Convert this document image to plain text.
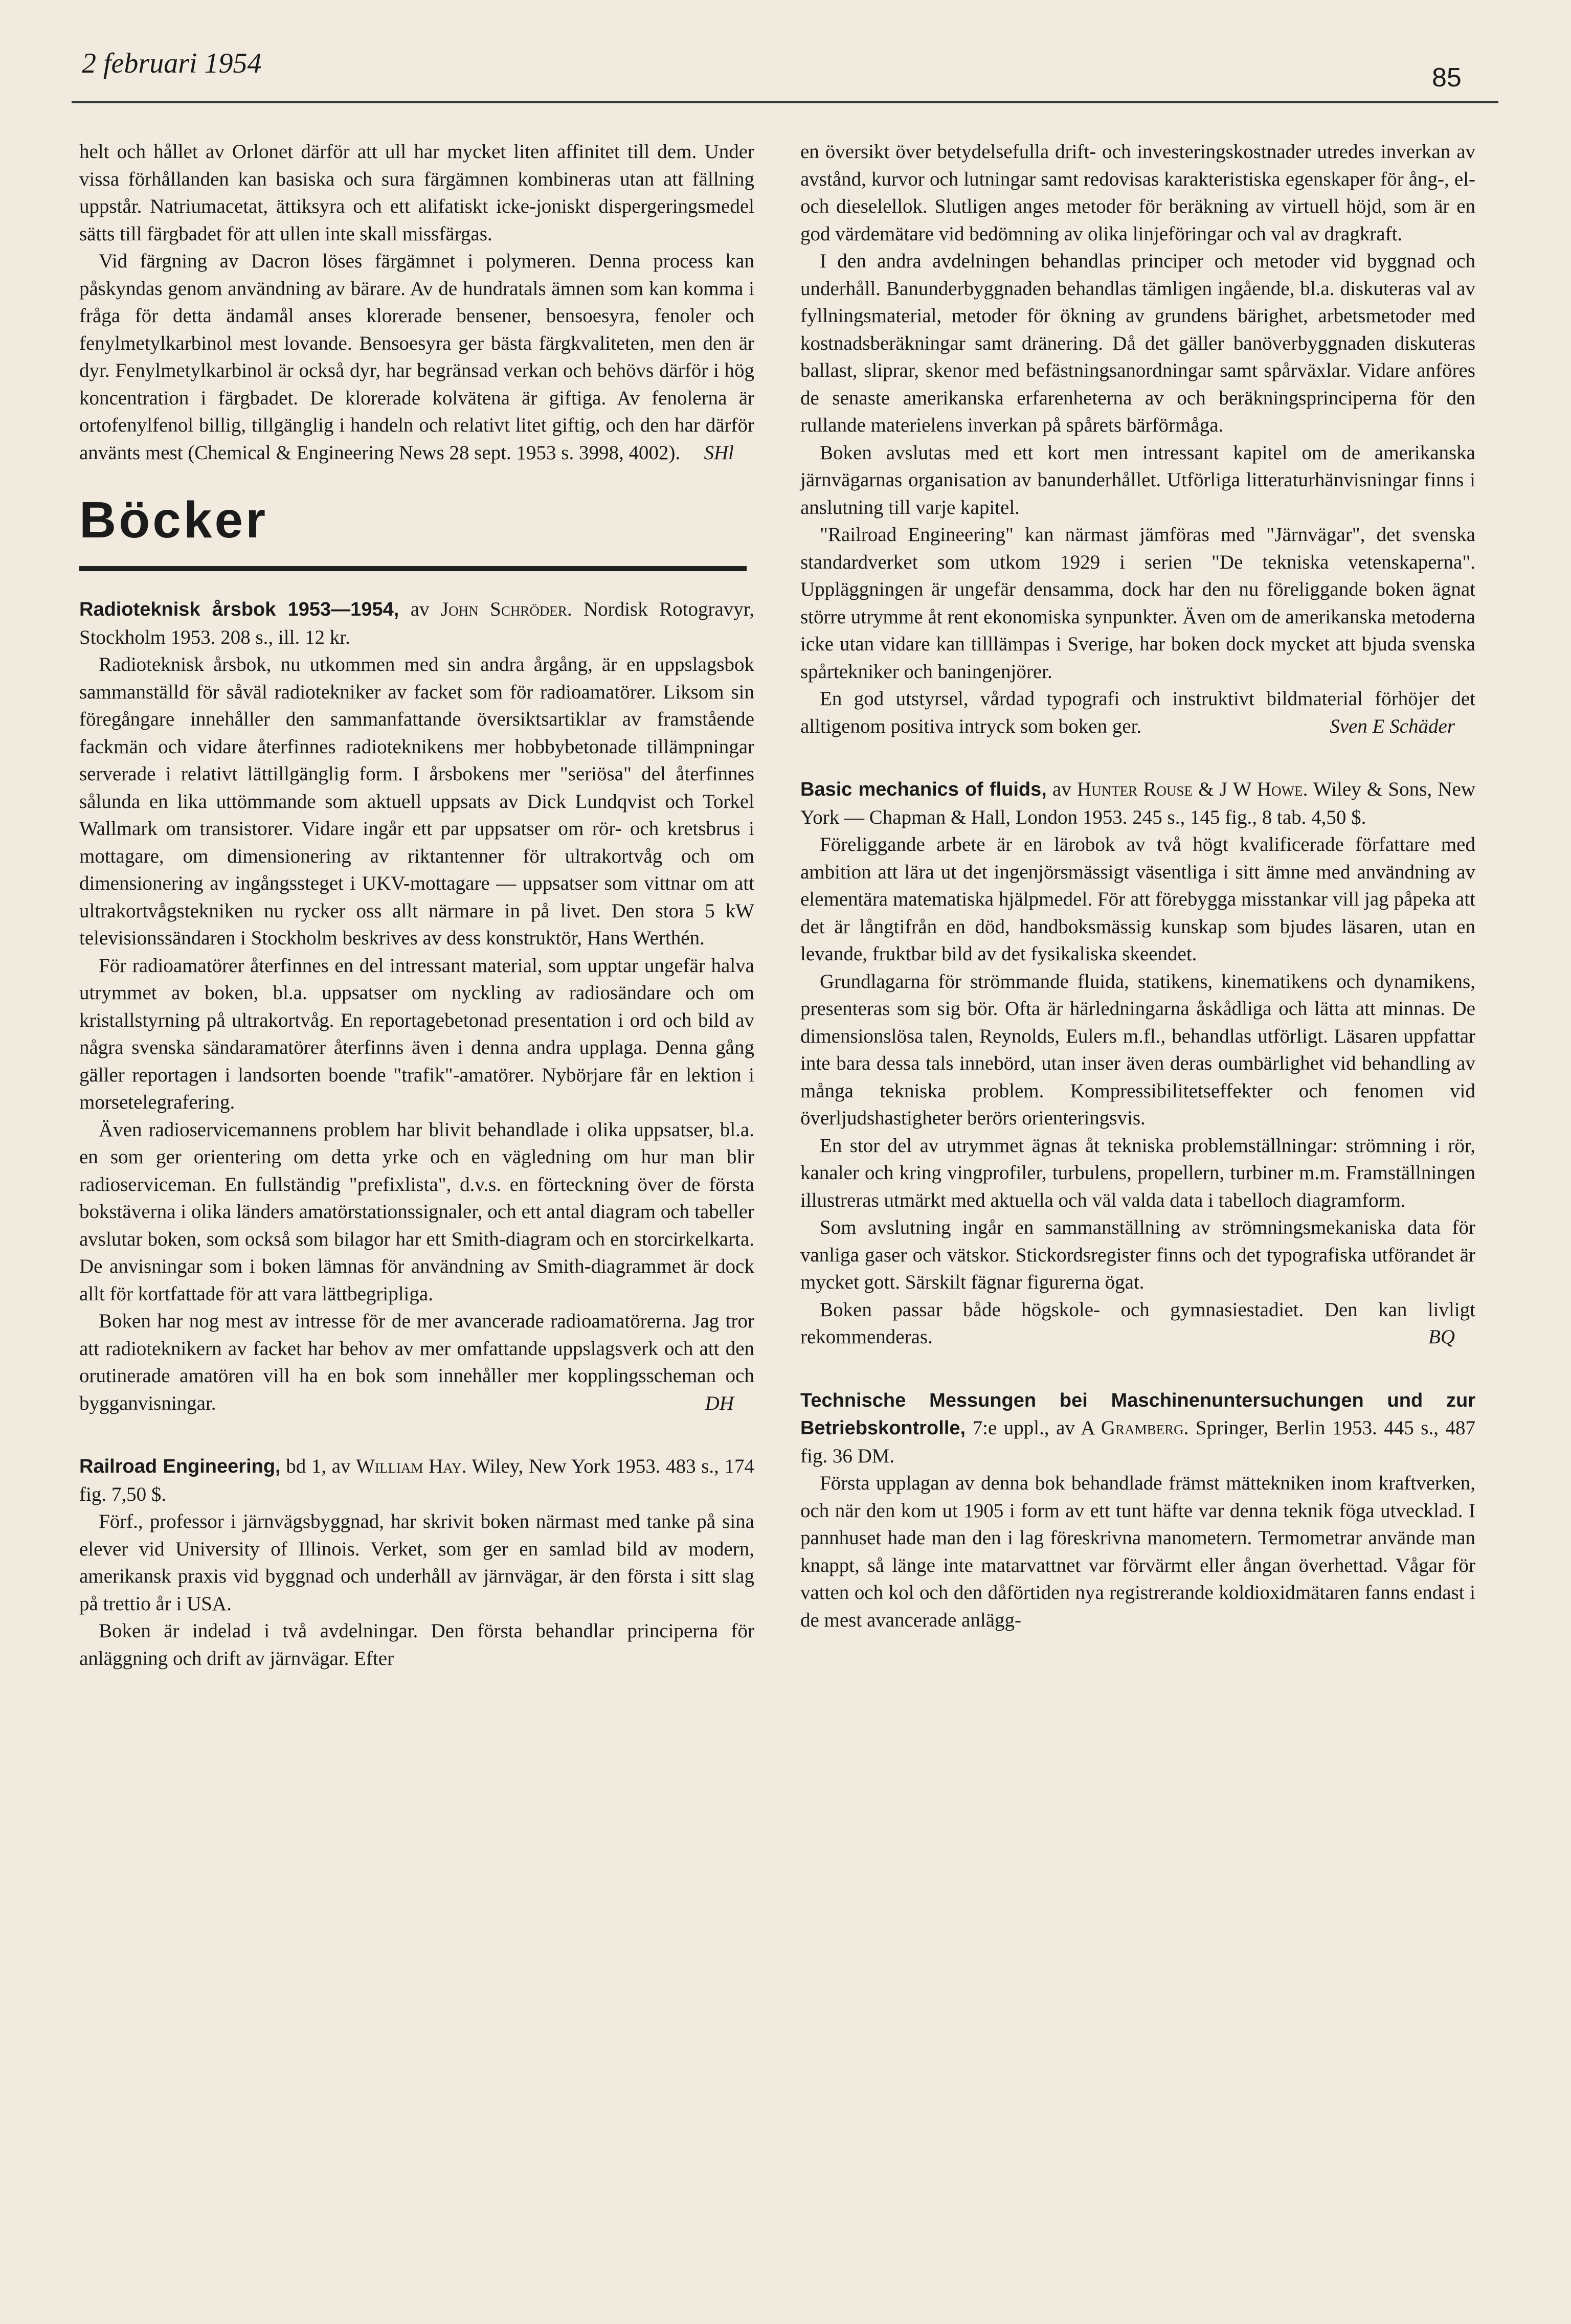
2 februari 1954	85

helt och hållet av Orlonet därför att ull har mycket liten affinitet till dem. Under vissa förhållanden kan basiska och sura färgämnen kombineras utan att fällning uppstår. Natriumacetat, ättiksyra och ett alifatiskt icke-joniskt dispergeringsmedel sätts till färgbadet för att ullen inte skall missfärgas.

Vid färgning av Dacron löses färgämnet i polymeren. Denna process kan påskyndas genom användning av bärare. Av de hundratals ämnen som kan komma i fråga för detta ändamål anses klorerade bensener, bensoesyra, fenoler och fenylmetylkarbinol mest lovande. Bensoesyra ger bästa färgkvaliteten, men den är dyr. Fenylmetylkarbinol är också dyr, har begränsad verkan och behövs därför i hög koncentration i färgbadet. De klorerade kolvätena är giftiga. Av fenolerna är ortofenylfenol billig, tillgänglig i handeln och relativt litet giftig, och den har därför använts mest (Chemical & Engineering News 28 sept. 1953 s. 3998, 4002).	SHl

Böcker

Radioteknisk årsbok 1953—1954, av John Schröder. Nordisk Rotogravyr, Stockholm 1953. 208 s., ill. 12 kr.

Radioteknisk årsbok, nu utkommen med sin andra årgång, är en uppslagsbok sammanställd för såväl radiotekniker av facket som för radioamatörer. Liksom sin föregångare innehåller den sammanfattande översiktsartiklar av framstående fackmän och vidare återfinnes radioteknikens mer hobbybetonade tillämpningar serverade i relativt lättillgänglig form. I årsbokens mer "seriösa" del återfinnes sålunda en lika uttömmande som aktuell uppsats av Dick Lundqvist och Torkel Wallmark om transistorer. Vidare ingår ett par uppsatser om rör- och kretsbrus i mottagare, om dimensionering av riktantenner för ultrakortvåg och om dimensionering av ingångssteget i UKV-mottagare — uppsatser som vittnar om att ultrakortvågstekniken nu rycker oss allt närmare in på livet. Den stora 5 kW televisionssändaren i Stockholm beskrives av dess konstruktör, Hans Werthén.

För radioamatörer återfinnes en del intressant material, som upptar ungefär halva utrymmet av boken, bl.a. uppsatser om nyckling av radiosändare och om kristallstyrning på ultrakortvåg. En reportagebetonad presentation i ord och bild av några svenska sändaramatörer återfinns även i denna andra upplaga. Denna gång gäller reportagen i landsorten boende "trafik"-amatörer. Nybörjare får en lektion i morsetelegrafering.

Även radioservicemannens problem har blivit behandlade i olika uppsatser, bl.a. en som ger orientering om detta yrke och en vägledning om hur man blir radioserviceman. En fullständig "prefixlista", d.v.s. en förteckning över de första bokstäverna i olika länders amatörstationssignaler, och ett antal diagram och tabeller avslutar boken, som också som bilagor har ett Smith-diagram och en storcirkelkarta. De anvisningar som i boken lämnas för användning av Smith-diagrammet är dock allt för kortfattade för att vara lättbegripliga.

Boken har nog mest av intresse för de mer avancerade radioamatörerna. Jag tror att radioteknikern av facket har behov av mer omfattande uppslagsverk och att den orutinerade amatören vill ha en bok som innehåller mer kopplingsscheman och bygganvisningar.	DH

Railroad Engineering, bd 1, av William Hay. Wiley, New York 1953. 483 s., 174 fig. 7,50 $.

Förf., professor i järnvägsbyggnad, har skrivit boken närmast med tanke på sina elever vid University of Illinois. Verket, som ger en samlad bild av modern, amerikansk praxis vid byggnad och underhåll av järnvägar, är den första i sitt slag på trettio år i USA.

Boken är indelad i två avdelningar. Den första behandlar principerna för anläggning och drift av järnvägar. Efter

en översikt över betydelsefulla drift- och investeringskostnader utredes inverkan av avstånd, kurvor och lutningar samt redovisas karakteristiska egenskaper för ång-, el- och dieselellok. Slutligen anges metoder för beräkning av virtuell höjd, som är en god värdemätare vid bedömning av olika linjeföringar och val av dragkraft.

I den andra avdelningen behandlas principer och metoder vid byggnad och underhåll. Banunderbyggnaden behandlas tämligen ingående, bl.a. diskuteras val av fyllningsmaterial, metoder för ökning av grundens bärighet, arbetsmetoder med kostnadsberäkningar samt dränering. Då det gäller banöverbyggnaden diskuteras ballast, sliprar, skenor med befästningsanordningar samt spårväxlar. Vidare anföres de senaste amerikanska erfarenheterna av och beräkningsprinciperna för den rullande materielens inverkan på spårets bärförmåga.

Boken avslutas med ett kort men intressant kapitel om de amerikanska järnvägarnas organisation av banunderhållet. Utförliga litteraturhänvisningar finns i anslutning till varje kapitel.

"Railroad Engineering" kan närmast jämföras med "Järnvägar", det svenska standardverket som utkom 1929 i serien "De tekniska vetenskaperna". Uppläggningen är ungefär densamma, dock har den nu föreliggande boken ägnat större utrymme åt rent ekonomiska synpunkter. Även om de amerikanska metoderna icke utan vidare kan tilllämpas i Sverige, har boken dock mycket att bjuda svenska spårtekniker och baningenjörer.

En god utstyrsel, vårdad typografi och instruktivt bildmaterial förhöjer det alltigenom positiva intryck som boken ger.	Sven E Schäder

Basic mechanics of fluids, av Hunter Rouse & J W Howe. Wiley & Sons, New York — Chapman & Hall, London 1953. 245 s., 145 fig., 8 tab. 4,50 $.

Föreliggande arbete är en lärobok av två högt kvalificerade författare med ambition att lära ut det ingenjörsmässigt väsentliga i sitt ämne med användning av elementära matematiska hjälpmedel. För att förebygga misstankar vill jag påpeka att det är långtifrån en död, handboksmässig kunskap som bjudes läsaren, utan en levande, fruktbar bild av det fysikaliska skeendet.

Grundlagarna för strömmande fluida, statikens, kinematikens och dynamikens, presenteras som sig bör. Ofta är härledningarna åskådliga och lätta att minnas. De dimensionslösa talen, Reynolds, Eulers m.fl., behandlas utförligt. Läsaren uppfattar inte bara dessa tals innebörd, utan inser även deras oumbärlighet vid behandling av många tekniska problem. Kompressibilitetseffekter och fenomen vid överljudshastigheter berörs orienteringsvis.

En stor del av utrymmet ägnas åt tekniska problemställningar: strömning i rör, kanaler och kring vingprofiler, turbulens, propellern, turbiner m.m. Framställningen illustreras utmärkt med aktuella och väl valda data i tabelloch diagramform.

Som avslutning ingår en sammanställning av strömningsmekaniska data för vanliga gaser och vätskor. Stickordsregister finns och det typografiska utförandet är mycket gott. Särskilt fägnar figurerna ögat.

Boken passar både högskole- och gymnasiestadiet. Den kan livligt rekommenderas.	BQ

Technische Messungen bei Maschinenuntersuchungen und zur Betriebskontrolle, 7:e uppl., av A Gramberg. Springer, Berlin 1953. 445 s., 487 fig. 36 DM.

Första upplagan av denna bok behandlade främst mättekniken inom kraftverken, och när den kom ut 1905 i form av ett tunt häfte var denna teknik föga utvecklad. I pannhuset hade man den i lag föreskrivna manometern. Termometrar använde man knappt, så länge inte matarvattnet var förvärmt eller ångan överhettad. Vågar för vatten och kol och den dåförtiden nya registrerande koldioxidmätaren fanns endast i de mest avancerade anlägg-
